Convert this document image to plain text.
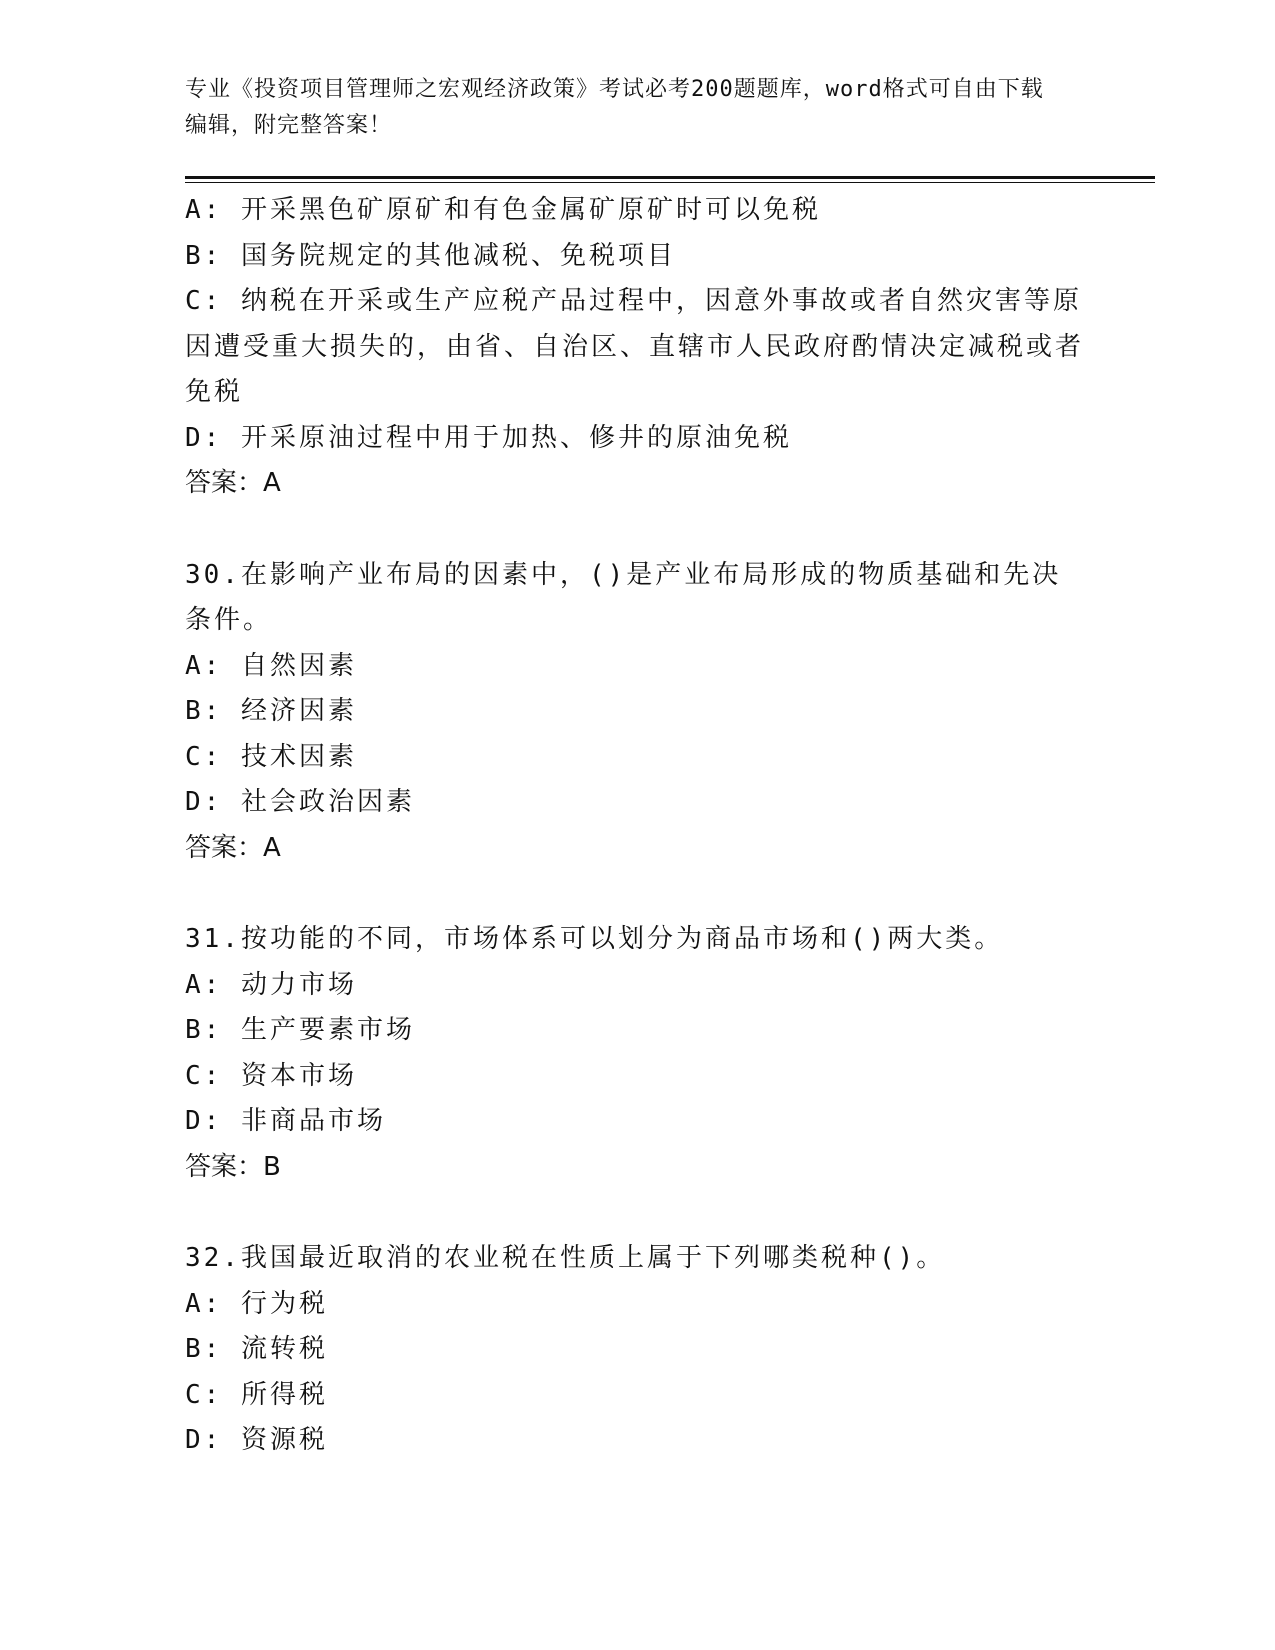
专业《投资项目管理师之宏观经济政策》考试必考200题题库，word格式可自由下载编辑，附完整答案！
A: 开采黑色矿原矿和有色金属矿原矿时可以免税
B: 国务院规定的其他减税、免税项目
C: 纳税在开采或生产应税产品过程中，因意外事故或者自然灾害等原因遭受重大损失的，由省、自治区、直辖市人民政府酌情决定减税或者免税
D: 开采原油过程中用于加热、修井的原油免税
答案：A
30.在影响产业布局的因素中，()是产业布局形成的物质基础和先决条件。
A: 自然因素
B: 经济因素
C: 技术因素
D: 社会政治因素
答案：A
31.按功能的不同，市场体系可以划分为商品市场和()两大类。
A: 动力市场
B: 生产要素市场
C: 资本市场
D: 非商品市场
答案：B
32.我国最近取消的农业税在性质上属于下列哪类税种()。
A: 行为税
B: 流转税
C: 所得税
D: 资源税
